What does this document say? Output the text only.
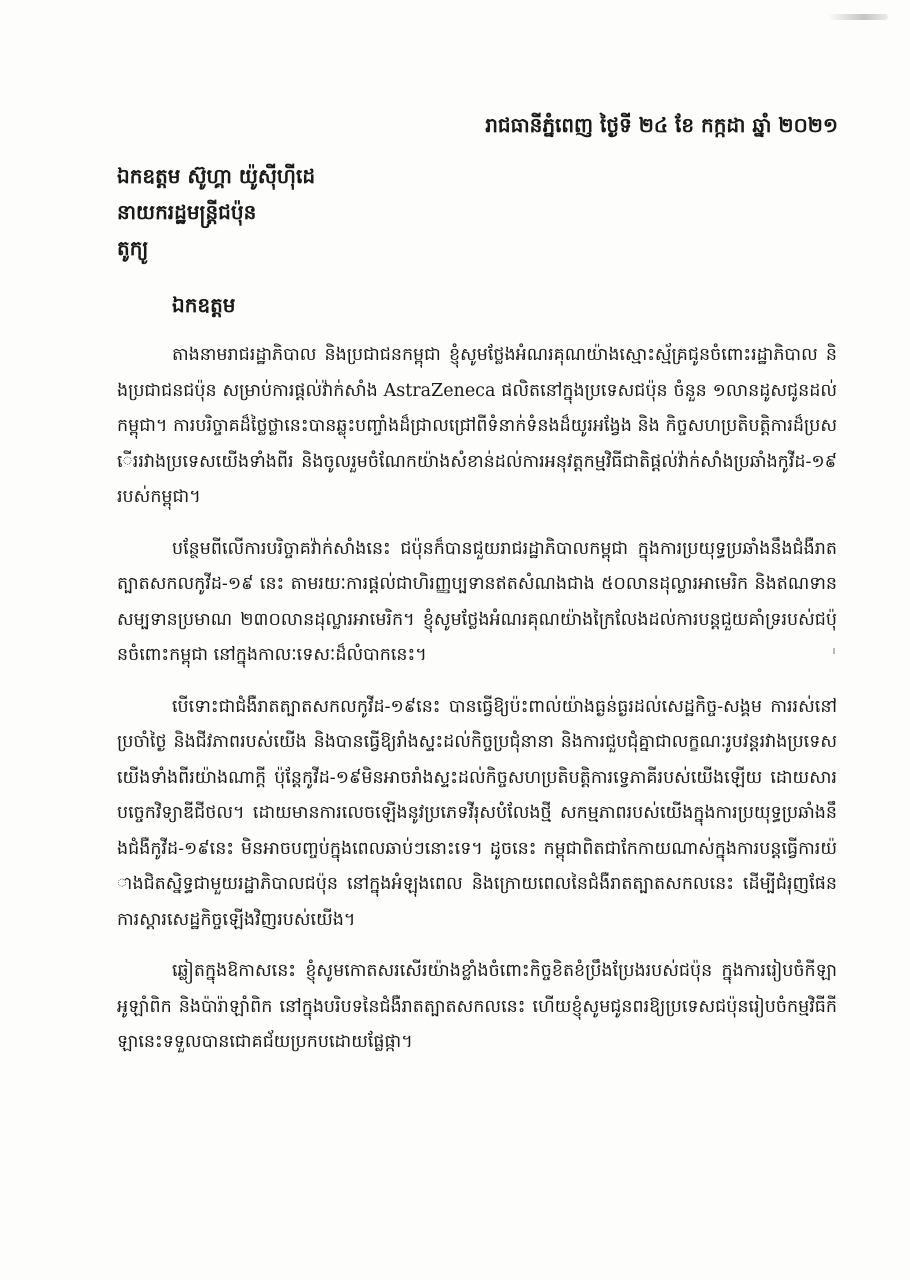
រាជធានីភ្នំពេញ ថ្ងៃទី ២៤ ខែ កក្កដា ឆ្នាំ ២០២១
ឯកឧត្តម ស៊ូហ្គា យ៉ូស៊ីហ៊ីដេ
នាយករដ្ឋមន្ត្រីជប៉ុន
តូក្យូ
ឯកឧត្តម

តាងនាមរាជរដ្ឋាភិបាល និងប្រជាជនកម្ពុជា ខ្ញុំសូមថ្លែងអំណរគុណយ៉ាងស្មោះស្ម័គ្រជូនចំពោះរដ្ឋាភិបាល និងប្រជាជនជប៉ុន សម្រាប់ការផ្ដល់វ៉ាក់សាំង AstraZeneca ផលិតនៅក្នុងប្រទេសជប៉ុន ចំនួន ១លានដូសជូនដល់កម្ពុជា។ ការបរិច្ចាគដ៏ថ្លៃថ្លានេះបានឆ្លុះបញ្ចាំងដ៏ជ្រាលជ្រៅពីទំនាក់ទំនងដ៏យូរអង្វែង និង កិច្ចសហប្រតិបត្តិការដ៏ប្រសើររវាងប្រទេសយើងទាំងពីរ និងចូលរួមចំណែកយ៉ាងសំខាន់ដល់ការអនុវត្តកម្មវិធីជាតិផ្ដល់វ៉ាក់សាំងប្រឆាំងកូវីដ-១៩ របស់កម្ពុជា។

បន្ថែមពីលើការបរិច្ចាគវ៉ាក់សាំងនេះ ជប៉ុនក៏បានជួយរាជរដ្ឋាភិបាលកម្ពុជា ក្នុងការប្រយុទ្ធប្រឆាំងនឹងជំងឺរាតត្បាតសកលកូវីដ-១៩ នេះ តាមរយៈការផ្ដល់ជាហិរញ្ញប្បទានឥតសំណងជាង ៥០លានដុល្លារអាមេរិក និងឥណទានសម្បទានប្រមាណ ២៣០លានដុល្លារអាមេរិក។ ខ្ញុំសូមថ្លែងអំណរគុណយ៉ាងក្រៃលែងដល់ការបន្តជួយគាំទ្ររបស់ជប៉ុនចំពោះកម្ពុជា នៅក្នុងកាលៈទេសៈដ៏លំបាកនេះ។

បើទោះជាជំងឺរាតត្បាតសកលកូវីដ-១៩នេះ បានធ្វើឱ្យប៉ះពាល់យ៉ាងធ្ងន់ធ្ងរដល់សេដ្ឋកិច្ច-សង្គម ការរស់នៅប្រចាំថ្ងៃ និងជីវភាពរបស់យើង និងបានធ្វើឱ្យរាំងស្ទះដល់កិច្ចប្រជុំនានា និងការជួបជុំគ្នាជាលក្ខណៈរូបវន្តរវាងប្រទេសយើងទាំងពីរយ៉ាងណាក្ដី ប៉ុន្តែកូវីដ-១៩មិនអាចរាំងស្ទះដល់កិច្ចសហប្រតិបត្តិការទ្វេភាគីរបស់យើងឡើយ ដោយសារបច្ចេកវិទ្យាឌីជីថល។ ដោយមានការលេចឡើងនូវប្រភេទវីរុសបំលែងថ្មី សកម្មភាពរបស់យើងក្នុងការប្រយុទ្ធប្រឆាំងនឹងជំងឺកូវីដ-១៩នេះ មិនអាចបញ្ចប់ក្នុងពេលឆាប់ៗនោះទេ។ ដូចនេះ កម្ពុជាពិតជាកែកាយណាស់ក្នុងការបន្តធ្វើការយ៉ាងជិតស្និទ្ធជាមួយរដ្ឋាភិបាលជប៉ុន នៅក្នុងអំឡុងពេល និងក្រោយពេលនៃជំងឺរាតត្បាតសកលនេះ ដើម្បីជំរុញផែនការស្តារសេដ្ឋកិច្ចឡើងវិញរបស់យើង។

ឆ្លៀតក្នុងឱកាសនេះ ខ្ញុំសូមកោតសរសើរយ៉ាងខ្លាំងចំពោះកិច្ចខិតខំប្រឹងប្រែងរបស់ជប៉ុន ក្នុងការរៀបចំកីឡាអូឡាំពិក និងប៉ារ៉ាឡាំពិក នៅក្នុងបរិបទនៃជំងឺរាតត្បាតសកលនេះ ហើយខ្ញុំសូមជូនពរឱ្យប្រទេសជប៉ុនរៀបចំកម្មវិធីកីឡានេះទទួលបានជោគជ័យប្រកបដោយផ្លែផ្កា។
